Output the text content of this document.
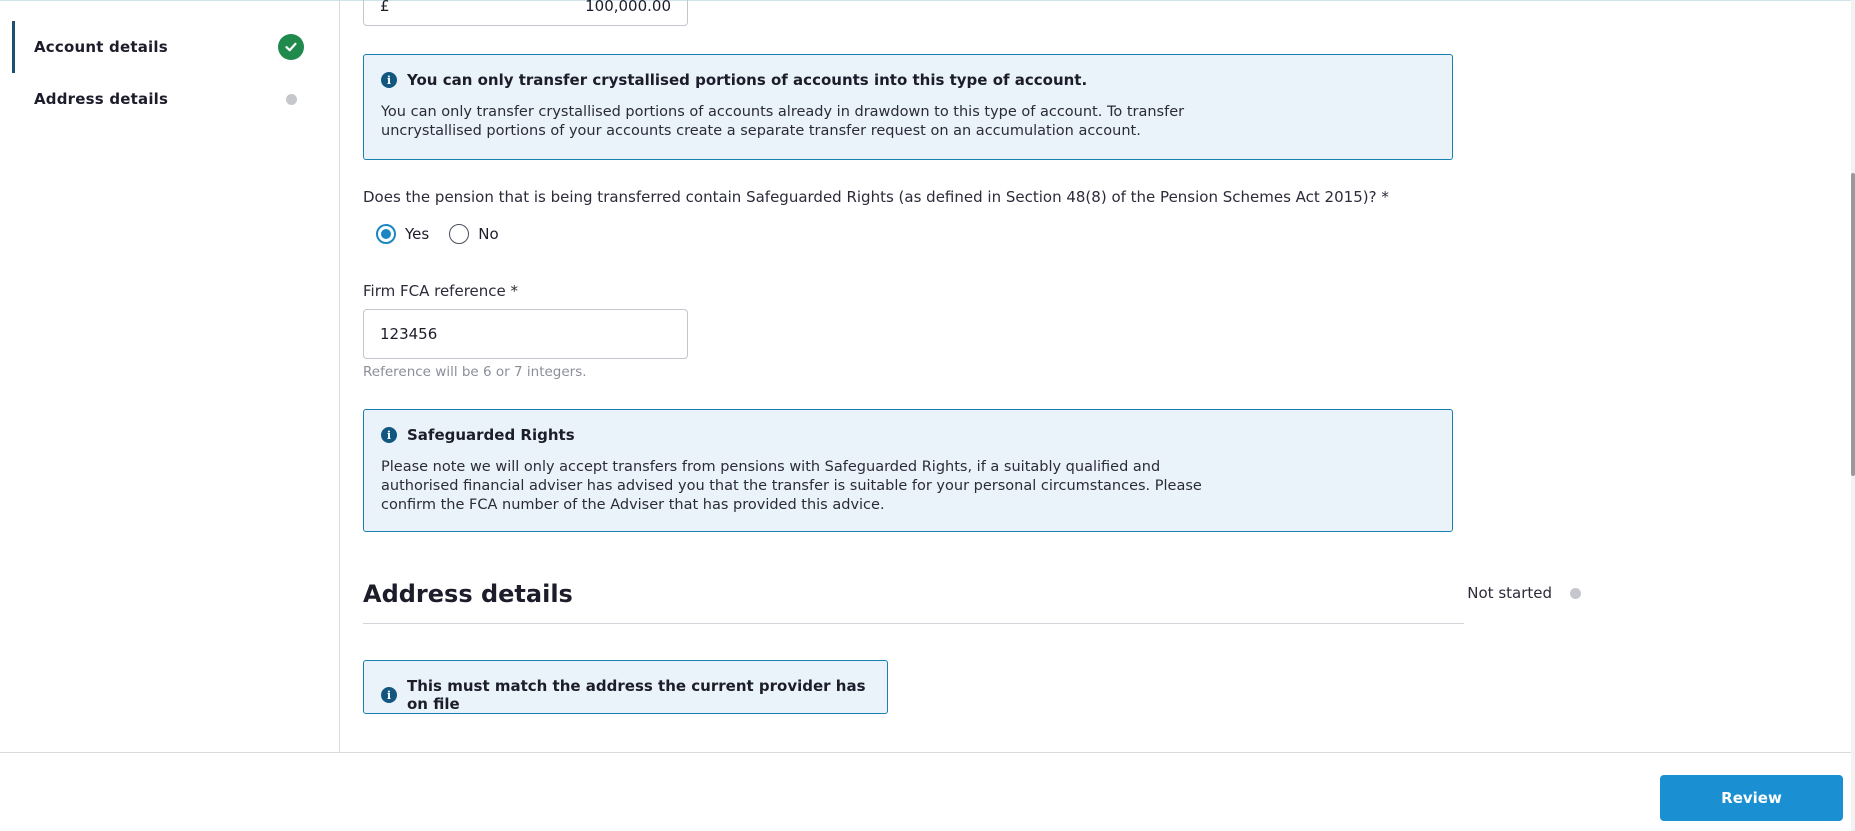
Account details
Address details
£	100,000.00
i	You can only transfer crystallised portions of accounts into this type of account.
You can only transfer crystallised portions of accounts already in drawdown to this type of account. To transfer
uncrystallised portions of your accounts create a separate transfer request on an accumulation account.
Does the pension that is being transferred contain Safeguarded Rights (as defined in Section 48(8) of the Pension Schemes Act 2015)? *
Yes	No
Firm FCA reference *
123456
Reference will be 6 or 7 integers.
i	Safeguarded Rights
Please note we will only accept transfers from pensions with Safeguarded Rights, if a suitably qualified and
authorised financial adviser has advised you that the transfer is suitable for your personal circumstances. Please
confirm the FCA number of the Adviser that has provided this advice.
Address details	Not started
i	This must match the address the current provider has on file
Review
